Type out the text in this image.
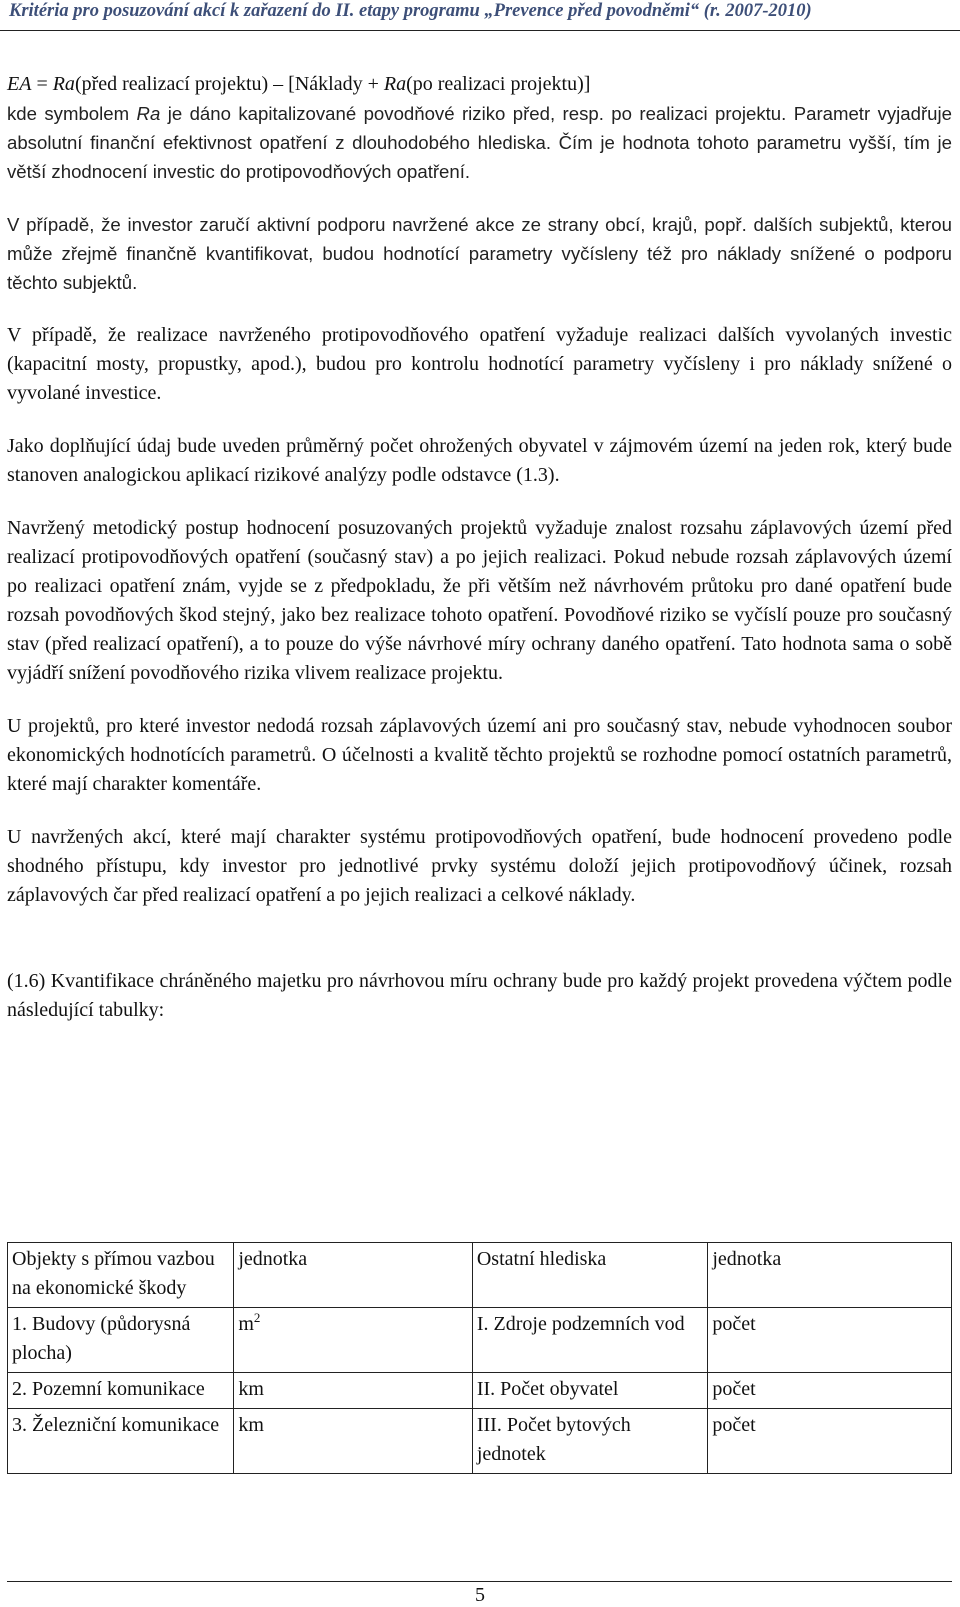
Kritéria pro posuzování akcí k zařazení do II. etapy programu „Prevence před povodněmi“ (r. 2007-2010)

EA = Ra(před realizací projektu) – [Náklady + Ra(po realizaci projektu)]

kde symbolem Ra je dáno kapitalizované povodňové riziko před, resp. po realizaci projektu. Parametr vyjadřuje absolutní finanční efektivnost opatření z dlouhodobého hlediska. Čím je hodnota tohoto parametru vyšší, tím je větší zhodnocení investic do protipovodňových opatření.

V případě, že investor zaručí aktivní podporu navržené akce ze strany obcí, krajů, popř. dalších subjektů, kterou může zřejmě finančně kvantifikovat, budou hodnotící parametry vyčísleny též pro náklady snížené o podporu těchto subjektů.

V případě, že realizace navrženého protipovodňového opatření vyžaduje realizaci dalších vyvolaných investic (kapacitní mosty, propustky, apod.), budou pro kontrolu hodnotící parametry vyčísleny i pro náklady snížené o vyvolané investice.

Jako doplňující údaj bude uveden průměrný počet ohrožených obyvatel v zájmovém území na jeden rok, který bude stanoven analogickou aplikací rizikové analýzy podle odstavce (1.3).

Navržený metodický postup hodnocení posuzovaných projektů vyžaduje znalost rozsahu záplavových území před realizací protipovodňových opatření (současný stav) a po jejich realizaci. Pokud nebude rozsah záplavových území po realizaci opatření znám, vyjde se z předpokladu, že při větším než návrhovém průtoku pro dané opatření bude rozsah povodňových škod stejný, jako bez realizace tohoto opatření. Povodňové riziko se vyčíslí pouze pro současný stav (před realizací opatření), a to pouze do výše návrhové míry ochrany daného opatření. Tato hodnota sama o sobě vyjádří snížení povodňového rizika vlivem realizace projektu.

U projektů, pro které investor nedodá rozsah záplavových území ani pro současný stav, nebude vyhodnocen soubor ekonomických hodnotících parametrů. O účelnosti a kvalitě těchto projektů se rozhodne pomocí ostatních parametrů, které mají charakter komentáře.

U navržených akcí, které mají charakter systému protipovodňových opatření, bude hodnocení provedeno podle shodného přístupu, kdy investor pro jednotlivé prvky systému doloží jejich protipovodňový účinek, rozsah záplavových čar před realizací opatření a po jejich realizaci a celkové náklady.

(1.6) Kvantifikace chráněného majetku pro návrhovou míru ochrany bude pro každý projekt provedena výčtem podle následující tabulky:

Objekty s přímou vazbou na ekonomické škody	jednotka	Ostatní hlediska	jednotka
1. Budovy (půdorysná plocha)	$m^2$	I. Zdroje podzemních vod	počet
2. Pozemní komunikace	km	II. Počet obyvatel	počet
3. Železniční komunikace	km	III. Počet bytových jednotek	počet
5
